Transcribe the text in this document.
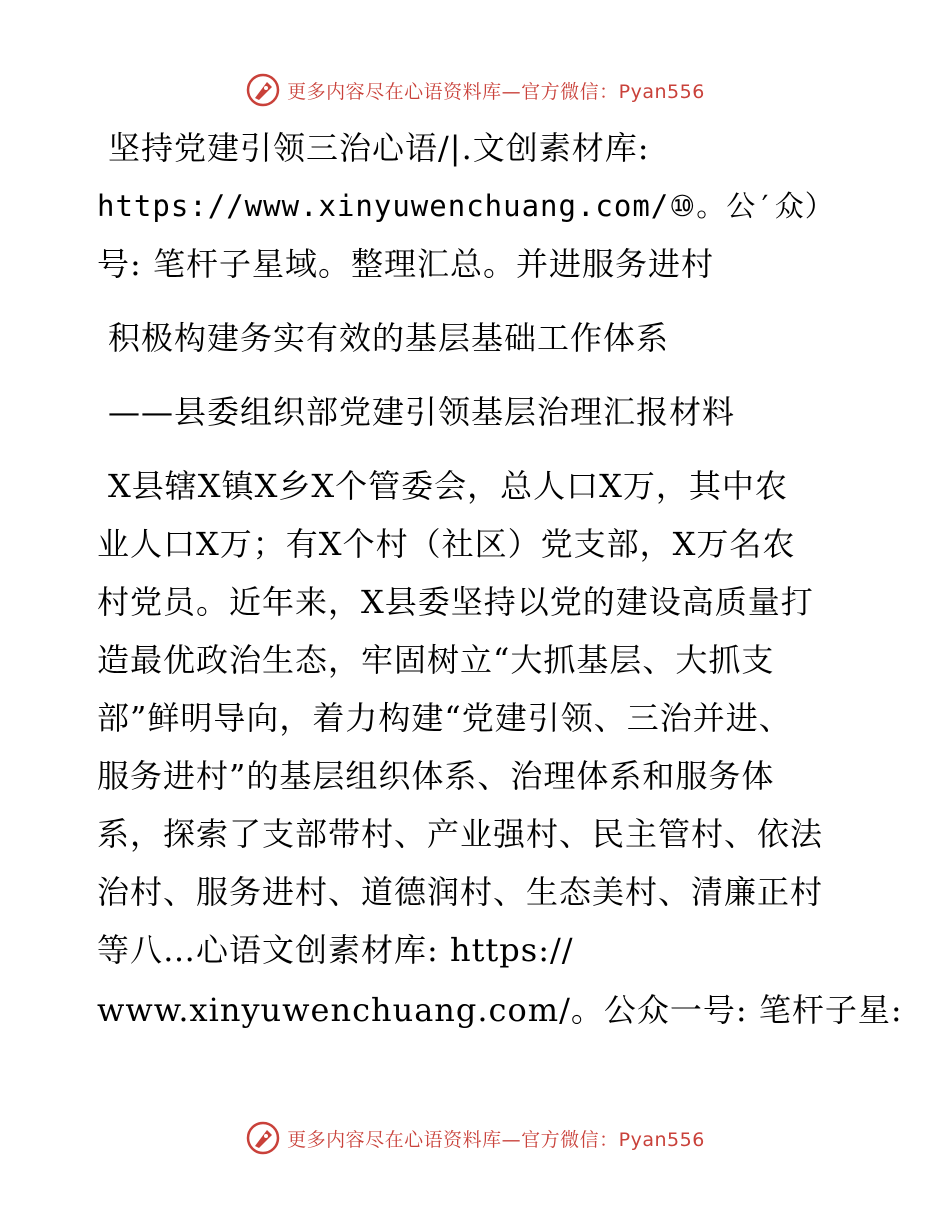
更多内容尽在心语资料库—官方微信：Pyan556

坚持党建引领三治心语/|.文创素材库:

https://www.xinyuwenchuang.com/⑩。公′众）

号: 笔杆子星域。整理汇总。并进服务进村

积极构建务实有效的基层基础工作体系
——县委组织部党建引领基层治理汇报材料

X县辖X镇X乡X个管委会，总人口X万，其中农

业人口X万；有X个村（社区）党支部，X万名农

村党员。近年来，X县委坚持以党的建设高质量打

造最优政治生态，牢固树立“大抓基层、大抓支

部”鲜明导向，着力构建“党建引领、三治并进、

服务进村”的基层组织体系、治理体系和服务体

系，探索了支部带村、产业强村、民主管村、依法

治村、服务进村、道德润村、生态美村、清廉正村

等八…心语文创素材库: https://

www.xinyuwenchuang.com/。公众一号: 笔杆子星:

更多内容尽在心语资料库—官方微信：Pyan556
